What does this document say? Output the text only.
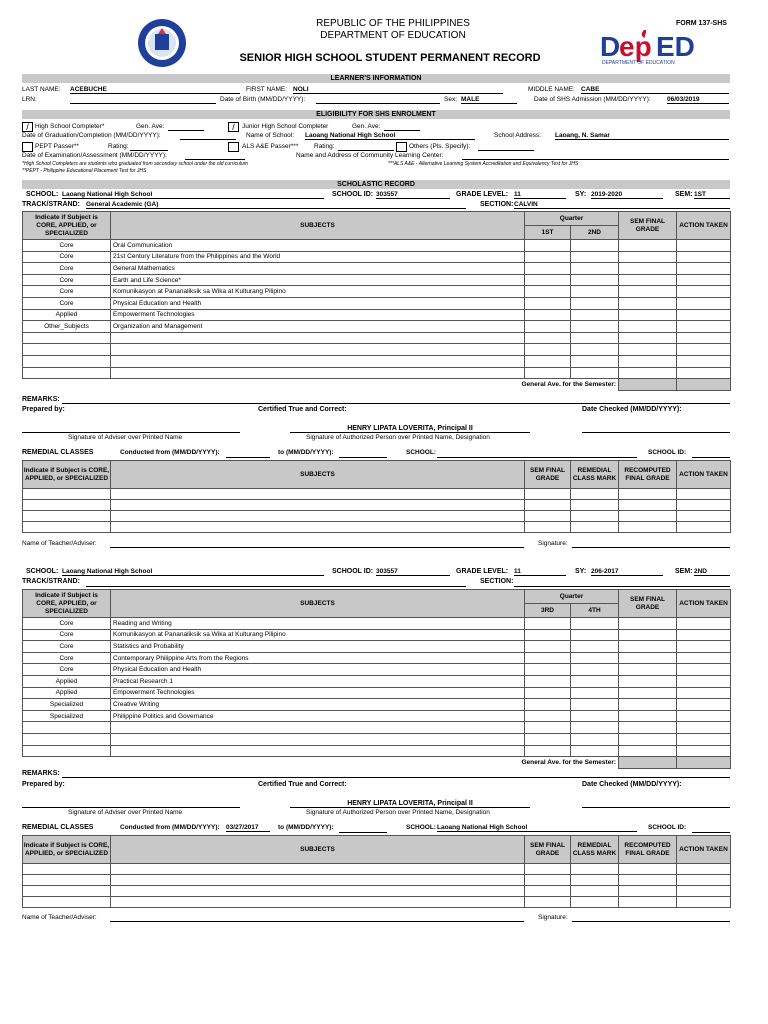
REPUBLIC OF THE PHILIPPINES
DEPARTMENT OF EDUCATION
FORM 137-SHS
D
ep ED
DEPARTMENT OF EDUCATION
SENIOR HIGH SCHOOL STUDENT PERMANENT RECORD
LEARNER'S INFORMATION
LAST NAME: ACEBUCHE	FIRST NAME: NOLI	MIDDLE NAME: CABE
LRN:	Date of Birth (MM/DD/YYYY):	Sex: MALE	Date of SHS Admission (MM/DD/YYYY):	06/03/2019
ELIGIBILITY FOR SHS ENROLMENT
/ High School Completer*	Gen. Ave:	/	Junior High School Completer	Gen. Ave:
Date of Graduation/Completion (MM/DD/YYYY):	Name of School: Laoang National High School	School Address: Laoang, N. Samar
PEPT Passer**	Rating:	ALS A&E Passer*** Rating:	Others (Pls. Specify):
Date of Examination/Assessment (MM/DD/YYYY):	Name and Address of Community Learning Center:
*High School Completers are students who graduated from secondary school under the old curriculum	***ALS A&E - Alternative Learning System Accreditation and Equivalency Test for JHS
**PEPT - Philippine Educational Placement Test for JHS
SCHOLASTIC RECORD
SCHOOL: Laoang National High School	SCHOOL ID: 303557	GRADE LEVEL: 11	SY: 2019-2020	SEM: 1ST
TRACK/STRAND: General Academic (GA)	SECTION: CALVIN
Indicate if Subject is CORE, APPLIED, or SPECIALIZED	SUBJECTS	Quarter		SEM FINAL GRADE	ACTION TAKEN
		1ST	2ND		
Core	Oral Communication				
Core	21st Century Literature from the Philippines and the World				
Core	General Mathematics				
Core	Earth and Life Science*				
Core	Komunikasyon at Pananaliksik sa Wika at Kulturang Pilipino				
Core	Physical Education and Health				
Applied	Empowerment Technologies				
Other_Subjects	Organization and Management				

General Ave. for the Semester:					
REMARKS:
Prepared by:	Certified True and Correct:	Date Checked (MM/DD/YYYY):
HENRY LIPATA LOVERITA, Principal II
Signature of Adviser over Printed Name	Signature of Authorized Person over Printed Name, Designation
REMEDIAL CLASSES	Conducted from (MM/DD/YYYY):	to (MM/DD/YYYY):	SCHOOL:	SCHOOL ID:
Indicate if Subject is CORE, APPLIED, or SPECIALIZED	SUBJECTS	SEM FINAL GRADE	REMEDIAL CLASS MARK	RECOMPUTED FINAL GRADE	ACTION TAKEN

Name of Teacher/Adviser:	Signature:
SCHOOL: Laoang National High School	SCHOOL ID: 303557	GRADE LEVEL: 11	SY: 206-2017	SEM: 2ND
TRACK/STRAND:	SECTION:
Indicate if Subject is CORE, APPLIED, or SPECIALIZED	SUBJECTS	Quarter		SEM FINAL GRADE	ACTION TAKEN
		3RD	4TH		
Core	Reading and Writing				
Core	Komunikasyon at Pananaliksik sa Wika at Kulturang Pilipino				
Core	Statistics and Probability				
Core	Contemporary Philippine Arts from the Regions				
Core	Physical Education and Health				
Applied	Practical Research 1				
Applied	Empowerment Technologies				
Specialized	Creative Writing				
Specialized	Philippine Politics and Governance				

General Ave. for the Semester:					
REMARKS:
Prepared by:	Certified True and Correct:	Date Checked (MM/DD/YYYY):
HENRY LIPATA LOVERITA, Principal II
Signature of Adviser over Printed Name	Signature of Authorized Person over Printed Name, Designation
REMEDIAL CLASSES	Conducted from (MM/DD/YYYY): 03/27/2017	to (MM/DD/YYYY):	SCHOOL: Laoang National High School	SCHOOL ID:
Indicate if Subject is CORE, APPLIED, or SPECIALIZED	SUBJECTS	SEM FINAL GRADE	REMEDIAL CLASS MARK	RECOMPUTED FINAL GRADE	ACTION TAKEN

Name of Teacher/Adviser:	Signature:
